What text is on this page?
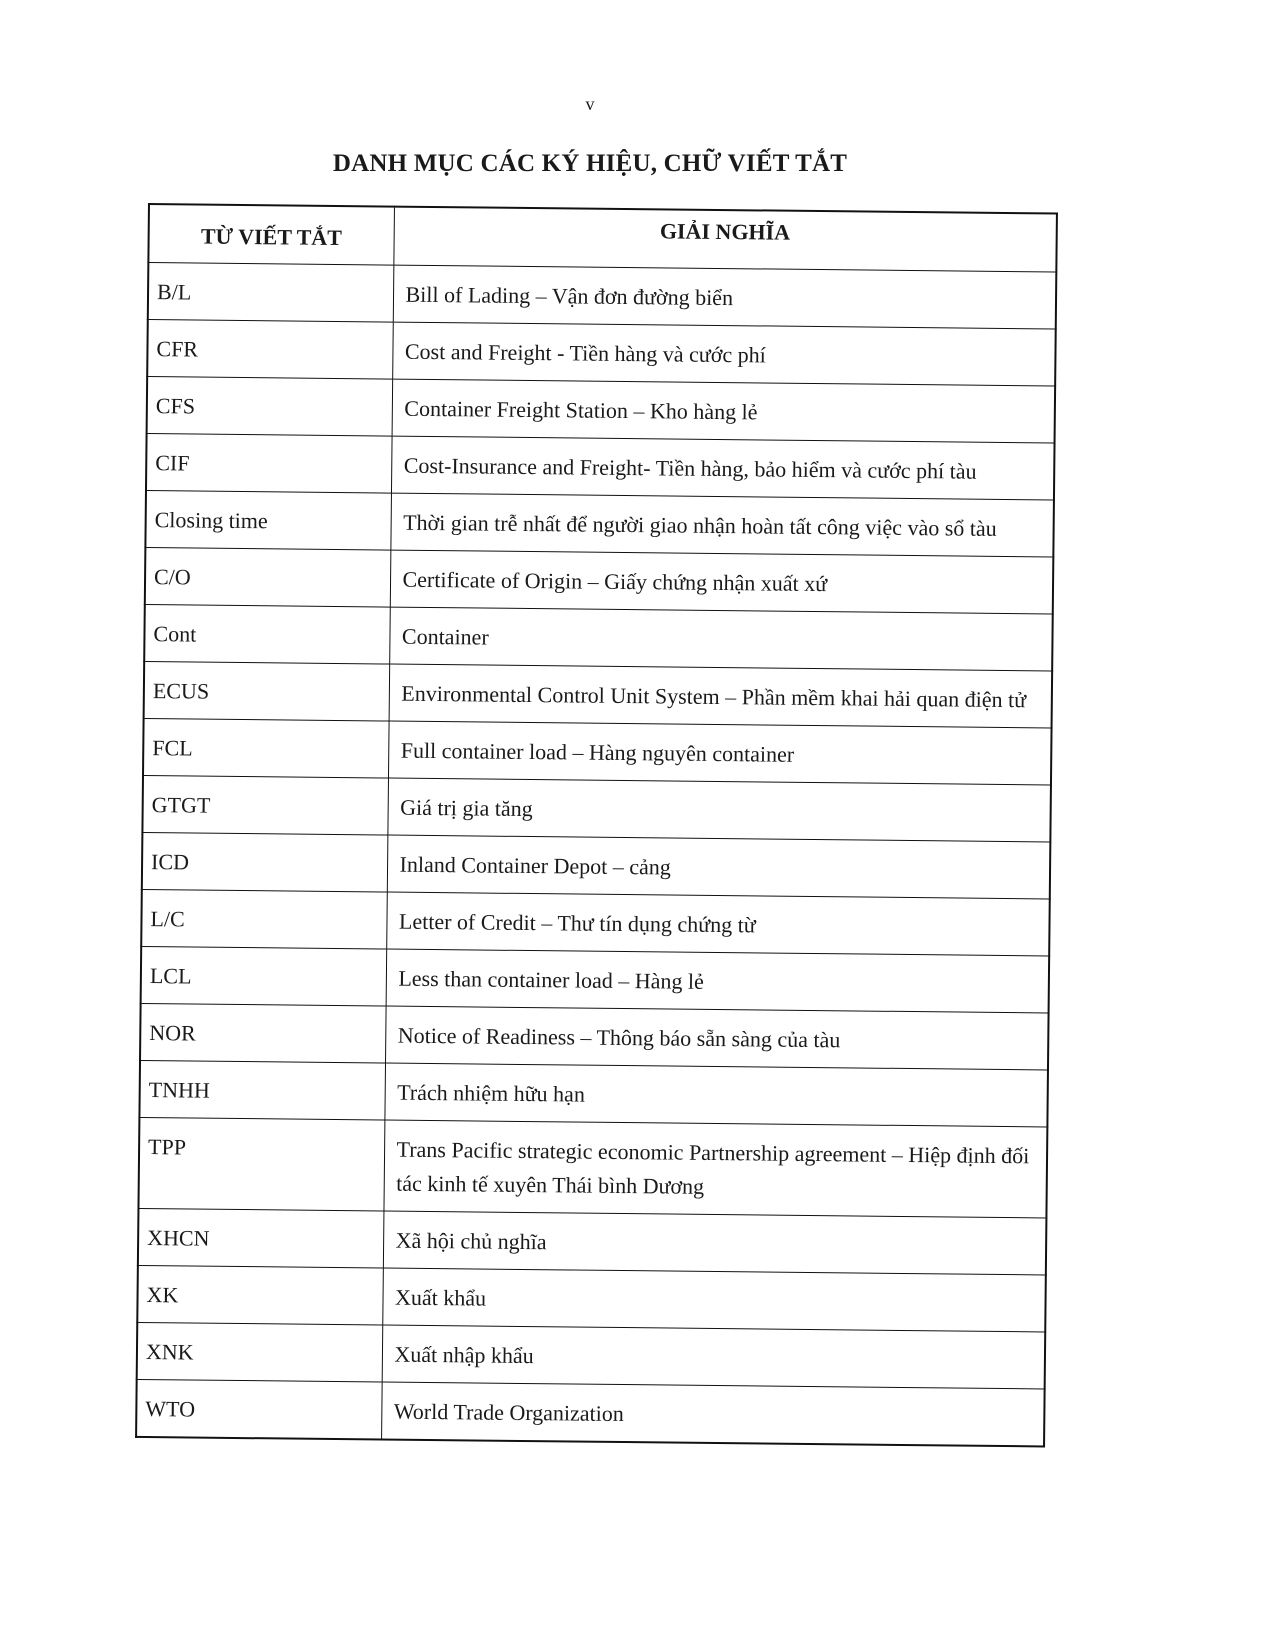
v
DANH MỤC CÁC KÝ HIỆU, CHỮ VIẾT TẮT
TỪ VIẾT TẮT	GIẢI NGHĨA
B/L	Bill of Lading – Vận đơn đường biển
CFR	Cost and Freight - Tiền hàng và cước phí
CFS	Container Freight Station – Kho hàng lẻ
CIF	Cost-Insurance and Freight- Tiền hàng, bảo hiểm và cước phí tàu
Closing time	Thời gian trễ nhất để người giao nhận hoàn tất công việc vào sổ tàu
C/O	Certificate of Origin – Giấy chứng nhận xuất xứ
Cont	Container
ECUS	Environmental Control Unit System – Phần mềm khai hải quan điện tử
FCL	Full container load – Hàng nguyên container
GTGT	Giá trị gia tăng
ICD	Inland Container Depot – cảng
L/C	Letter of Credit – Thư tín dụng chứng từ
LCL	Less than container load – Hàng lẻ
NOR	Notice of Readiness – Thông báo sẵn sàng của tàu
TNHH	Trách nhiệm hữu hạn
TPP	Trans Pacific strategic economic Partnership agreement – Hiệp định đối tác kinh tế xuyên Thái bình Dương
XHCN	Xã hội chủ nghĩa
XK	Xuất khẩu
XNK	Xuất nhập khẩu
WTO	World Trade Organization
